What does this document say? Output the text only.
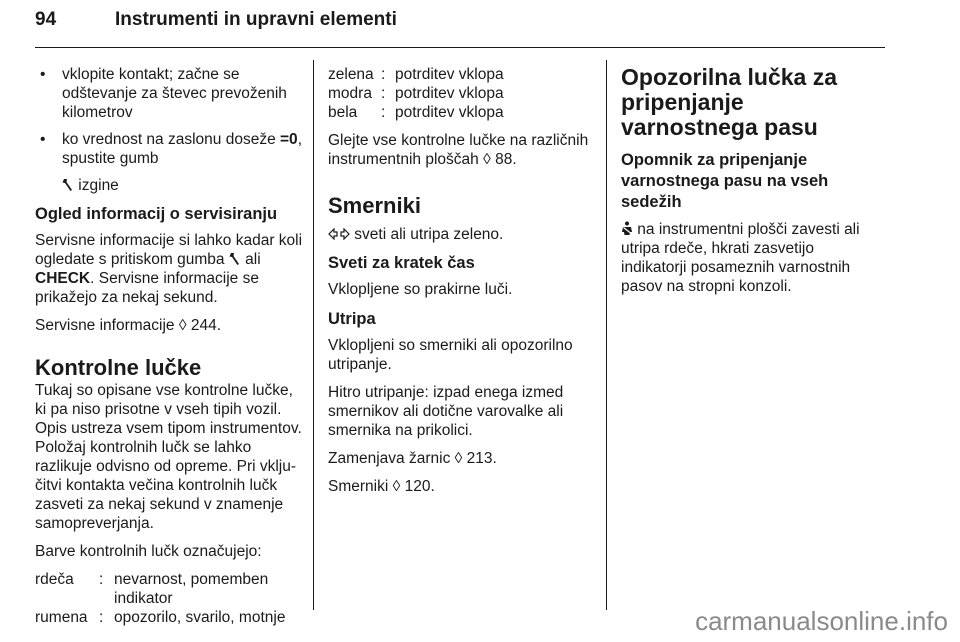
94	Instrumenti in upravni elementi
• vklopite kontakt; začne se odštevanje za števec prevoženih kilometrov
• ko vrednost na zaslonu doseže =0, spustite gumb

izgine

Ogled informacij o servisiranju

Servisne informacije si lahko kadar koli ogledate s pritiskom gumba  ali CHECK. Servisne informacije se prikažejo za nekaj sekund.

Servisne informacije ◊ 244.

Kontrolne lučke

Tukaj so opisane vse kontrolne lučke, ki pa niso prisotne v vseh tipih vozil. Opis ustreza vsem tipom instrumentov. Položaj kontrolnih lučk se lahko razlikuje odvisno od opreme. Pri vključitvi kontakta večina kontrolnih lučk zasveti za nekaj sekund v znamenje samopreverjanja.

Barve kontrolnih lučk označujejo:

rdeča	:	nevarnost, pomemben indikator
rumena	:	opozorilo, svarilo, motnje
zelena	:	potrditev vklopa
modra	:	potrditev vklopa
bela	:	potrditev vklopa

Glejte vse kontrolne lučke na različnih instrumentnih ploščah ◊ 88.

Smerniki

sveti ali utripa zeleno.

Sveti za kratek čas

Vklopljene so prakirne luči.

Utripa

Vklopljeni so smerniki ali opozorilno utripanje.

Hitro utripanje: izpad enega izmed smernikov ali dotične varovalke ali smernika na prikolici.

Zamenjava žarnic ◊ 213.

Smerniki ◊ 120.

Opozorilna lučka za pripenjanje varnostnega pasu
Opomnik za pripenjanje varnostnega pasu na vseh sedežih

na instrumentni plošči zavesti ali utripa rdeče, hkrati zasvetijo indikatorji posameznih varnostnih pasov na stropni konzoli.

carmanualsonline.info
